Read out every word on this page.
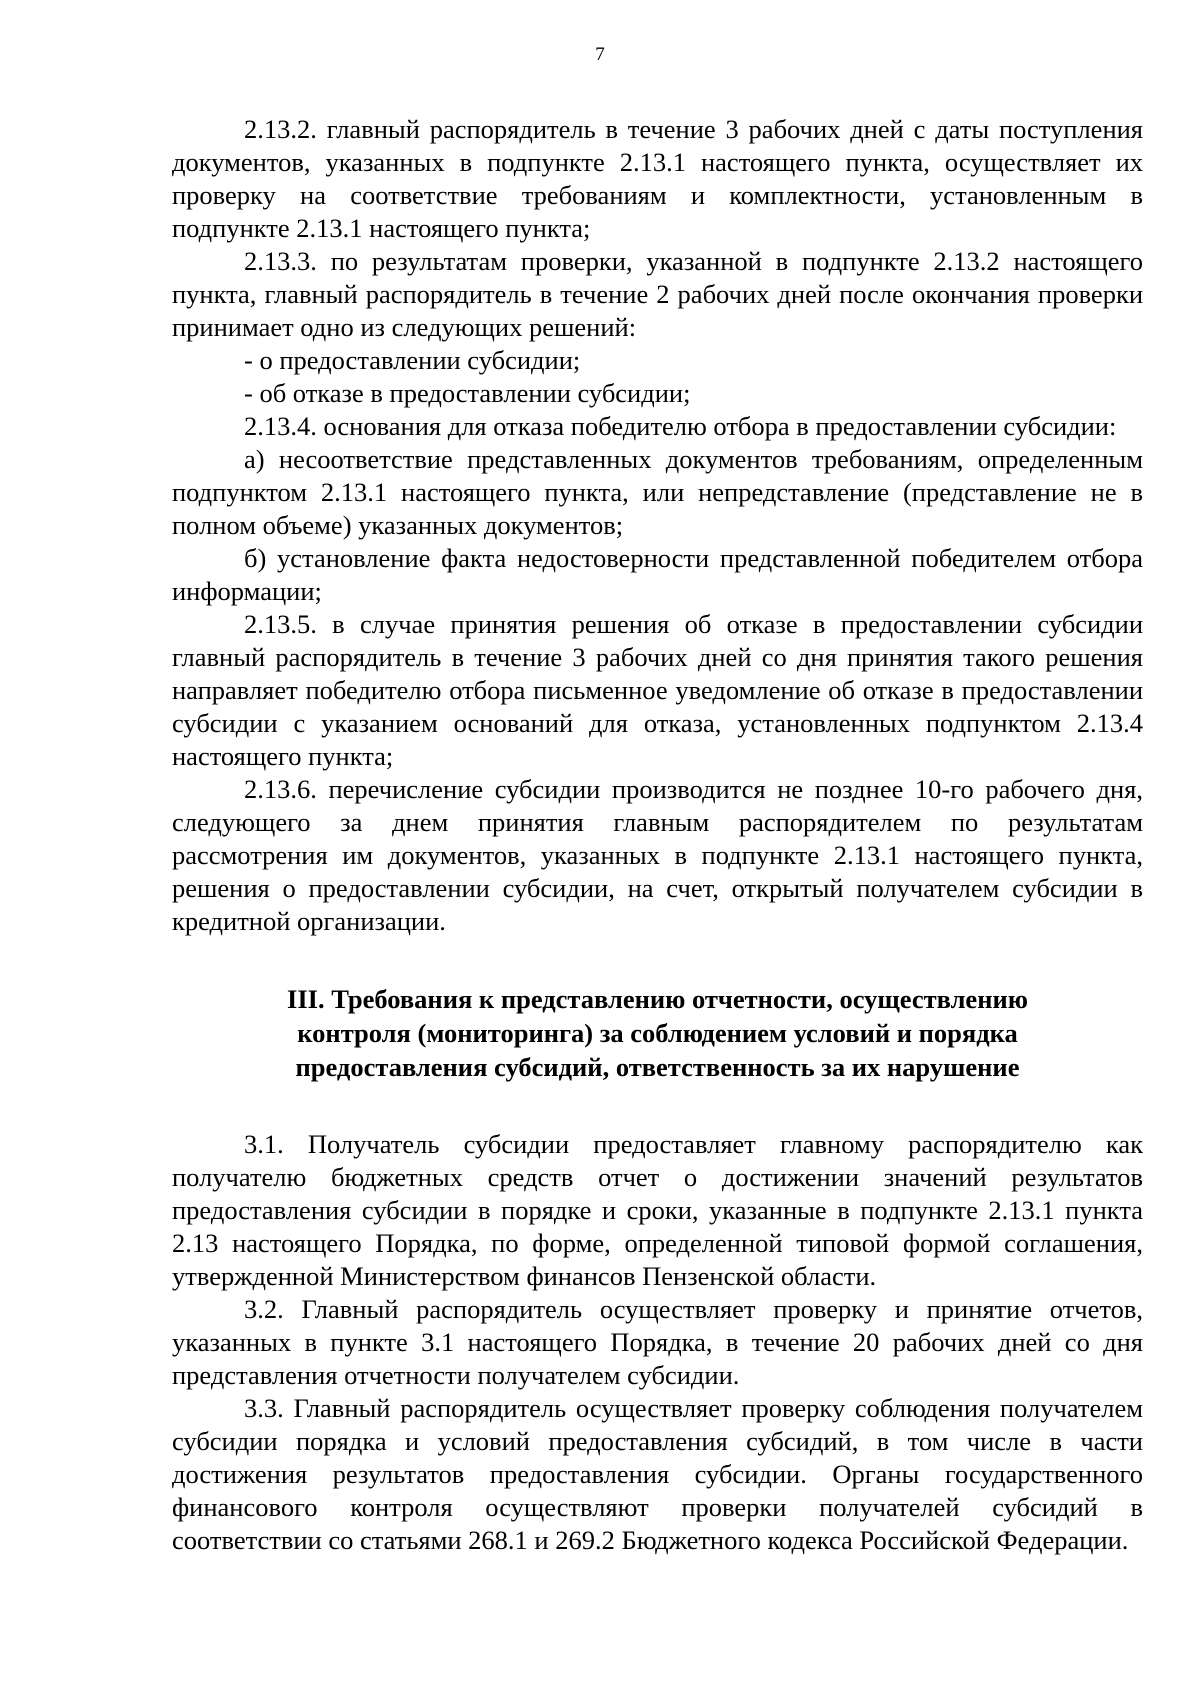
7

2.13.2. главный распорядитель в течение 3 рабочих дней с даты поступления документов, указанных в подпункте 2.13.1 настоящего пункта, осуществляет их проверку на соответствие требованиям и комплектности, установленным в подпункте 2.13.1 настоящего пункта;

2.13.3. по результатам проверки, указанной в подпункте 2.13.2 настоящего пункта, главный распорядитель в течение 2 рабочих дней после окончания проверки принимает одно из следующих решений:

- о предоставлении субсидии;

- об отказе в предоставлении субсидии;

2.13.4. основания для отказа победителю отбора в предоставлении субсидии:

а) несоответствие представленных документов требованиям, определенным подпунктом 2.13.1 настоящего пункта, или непредставление (представление не в полном объеме) указанных документов;

б) установление факта недостоверности представленной победителем отбора информации;

2.13.5. в случае принятия решения об отказе в предоставлении субсидии главный распорядитель в течение 3 рабочих дней со дня принятия такого решения направляет победителю отбора письменное уведомление об отказе в предоставлении субсидии с указанием оснований для отказа, установленных подпунктом 2.13.4 настоящего пункта;

2.13.6. перечисление субсидии производится не позднее 10-го рабочего дня, следующего за днем принятия главным распорядителем по результатам рассмотрения им документов, указанных в подпункте 2.13.1 настоящего пункта, решения о предоставлении субсидии, на счет, открытый получателем субсидии в кредитной организации.

III. Требования к представлению отчетности, осуществлению
контроля (мониторинга) за соблюдением условий и порядка
предоставления субсидий, ответственность за их нарушение

3.1. Получатель субсидии предоставляет главному распорядителю как получателю бюджетных средств отчет о достижении значений результатов предоставления субсидии в порядке и сроки, указанные в подпункте 2.13.1 пункта 2.13 настоящего Порядка, по форме, определенной типовой формой соглашения, утвержденной Министерством финансов Пензенской области.

3.2. Главный распорядитель осуществляет проверку и принятие отчетов, указанных в пункте 3.1 настоящего Порядка, в течение 20 рабочих дней со дня представления отчетности получателем субсидии.

3.3. Главный распорядитель осуществляет проверку соблюдения получателем субсидии порядка и условий предоставления субсидий, в том числе в части достижения результатов предоставления субсидии. Органы государственного финансового контроля осуществляют проверки получателей субсидий в соответствии со статьями 268.1 и 269.2 Бюджетного кодекса Российской Федерации.
